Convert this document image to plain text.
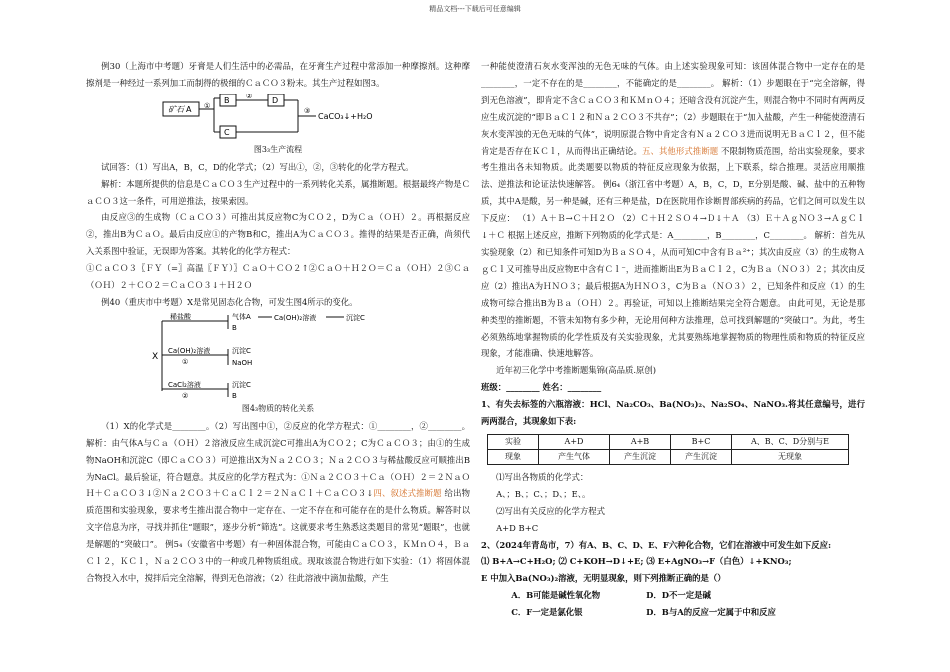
精品文档---下载后可任意编辑

例30（上海市中考题）牙膏是人们生活中的必需品，在牙膏生产过程中常添加一种摩擦剂。这种摩擦剂是一种经过一系列加工而制得的极细的ＣａＣＯ３粉末。其生产过程如图3。

矿石 A ①
B
C
② D
③
CaCO₃↓+H₂O

图3₃生产流程

试回答：（1）写出A，B，C，D的化学式；（2）写出①，②，③转化的化学方程式。

解析：本题所提供的信息是ＣａＣＯ３生产过程中的一系列转化关系，属推断题。根据最终产物是ＣａＣＯ３这一条件，可用逆推法，按果索因。

由反应③的生成物（ＣａＣＯ３）可推出其反应物C为ＣＯ２，D为Ｃａ（ＯＨ）２。再根据反应②，推出B为ＣａＯ。最后由反应①的产物B和C，推出A为ＣａＣＯ３。推得的结果是否正确，尚须代入关系图中验证，无误即为答案。其转化的化学方程式：

①ＣａＣＯ３〖ＦＹ（=〗高温〖ＦＹ）〗ＣａＯ＋ＣＯ２↑②ＣａＯ＋Ｈ２Ｏ＝Ｃａ（ＯＨ）２③Ｃａ（ＯＨ）２＋ＣＯ２＝ＣａＣＯ３↓＋Ｈ２Ｏ

例40（重庆市中考题）X是常见固态化合物，可发生图4所示的变化。

X
稀盐酸
Ca(OH)₂溶液
①
CaCl₂溶液
②
气体A
B
Ca(OH)₂溶液	沉淀C
沉淀C
NaOH
沉淀C
B

图4₃物质的转化关系

（1）X的化学式是________。（2）写出图中①，②反应的化学方程式：①________，②________。 解析：由气体A与Ｃａ（ＯＨ）２溶液反应生成沉淀C可推出A为ＣＯ２；C为ＣａＣＯ３；由①的生成物NaOH和沉淀C（即ＣａＣＯ３）可逆推出X为Ｎａ２ＣＯ３；Ｎａ２ＣＯ３与稀盐酸反应可顺推出B为NaCl。最后验证，符合题意。其反应的化学方程式为：①Ｎａ２ＣＯ３＋Ｃａ（ＯＨ）２＝２ＮａＯＨ＋ＣａＣＯ３↓②Ｎａ２ＣＯ３＋ＣａＣｌ２＝２ＮａＣｌ＋ＣａＣＯ３↓四、叙述式推断题 给出物质范围和实验现象，要求考生推出混合物中一定存在、一定不存在和可能存在的是什么物质。解答时以文字信息为序，寻找并抓住“题眼”，逐步分析“筛选”。这就要求考生熟悉这类题目的常见“题眼”，也就是解题的“突破口”。 例5₄（安徽省中考题）有一种固体混合物，可能由ＣａＣＯ３，ＫＭｎＯ４，ＢａＣｌ２，ＫＣｌ，Ｎａ２ＣＯ３中的一种或几种物质组成。现取该混合物进行如下实验：（1）将固体混合物投入水中，搅拌后完全溶解，得到无色溶液；（2）往此溶液中滴加盐酸，产生

一种能使澄清石灰水变浑浊的无色无味的气体。由上述实验现象可知：该固体混合物中一定存在的是________，一定不存在的是________，不能确定的是________。 解析：（1）步题眼在于“完全溶解，得到无色溶液”，即肯定不含ＣａＣＯ３和ＫＭｎＯ４；还暗含没有沉淀产生，则混合物中不同时有两两反应生成沉淀的“即ＢａＣｌ２和Ｎａ２ＣＯ３不共存”；（2）步题眼在于“加入盐酸，产生一种能使澄清石灰水变浑浊的无色无味的气体”，说明原混合物中肯定含有Ｎａ２ＣＯ３进而说明无ＢａＣｌ２，但不能肯定是否存在ＫＣｌ，从而得出正确结论。五、其他形式推断题 不限制物质范围，给出实验现象，要求考生推出各未知物质。此类题要以物质的特征反应现象为依据，上下联系，综合推理。灵活应用顺推法、逆推法和论证法快速解答。 例6₄（浙江省中考题）A，B，C，D，E分别是酸、碱、盐中的五种物质，其中A是酸，另一种是碱，还有三种是盐，D在医院用作诊断胃部疾病的药品，它们之间可以发生以下反应： （1）Ａ＋Ｂ→Ｃ＋Ｈ２Ｏ （2）Ｃ＋Ｈ２ＳＯ４→Ｄ↓＋Ａ （3）Ｅ＋ＡｇＮＯ３→ＡｇＣｌ↓＋Ｃ 根据上述反应，推断下列物质的化学式是：A________，B________，C________。 解析：首先从实验现象（2）和已知条件可知D为ＢａＳＯ４，从而可知C中含有Ｂａ²⁺；其次由反应（3）的生成物ＡｇＣｌ又可推导出反应物E中含有Ｃｌ⁻，进而推断出E为ＢａＣｌ２，C为Ｂａ（ＮＯ３）２；其次由反应（2）推出A为ＨＮＯ３；最后根据A为ＨＮＯ３，C为Ｂａ（ＮＯ３）２，已知条件和反应（1）的生成物可综合推出B为Ｂａ（ＯＨ）２。再验证，可知以上推断结果完全符合题意。 由此可见，无论是那种类型的推断题，不管未知物有多少种，无论用何种方法推理，总可找到解题的“突破口”。为此，考生必须熟练地掌握物质的化学性质及有关实验现象，尤其要熟练地掌握物质的物理性质和物质的特征反应现象，才能准确、快速地解答。

近年初三化学中考推断题集锦(高品质.原创)

班级：________ 姓名：________

1、有失去标签的六瓶溶液：HCl、Na₂CO₃、Ba(NO₃)₂、Na₂SO₄、NaNO₃.将其任意编号，进行两两混合，其现象如下表:

实验	A+D	A+B	B+C	A、B、C、D分别与E
现象	产生气体	产生沉淀	产生沉淀	无现象

⑴写出各物质的化学式：

A、；B、；C、；D、；E、。

⑵写出有关反应的化学方程式

A+D B+C

2、（2024年青岛市，7）有A、B、C、D、E、F六种化合物，它们在溶液中可发生如下反应:

⑴ B+A→C+H₂O; ⑵ C+KOH→D↓+E; ⑶ E+AgNO₃→F（白色）↓+KNO₃;

E 中加入Ba(NO₃)₂溶液，无明显现象，则下列推断正确的是（）

A．B可能是碱性氧化物	D．D不一定是碱

C．F一定是氯化银	D．B与A的反应一定属于中和反应
